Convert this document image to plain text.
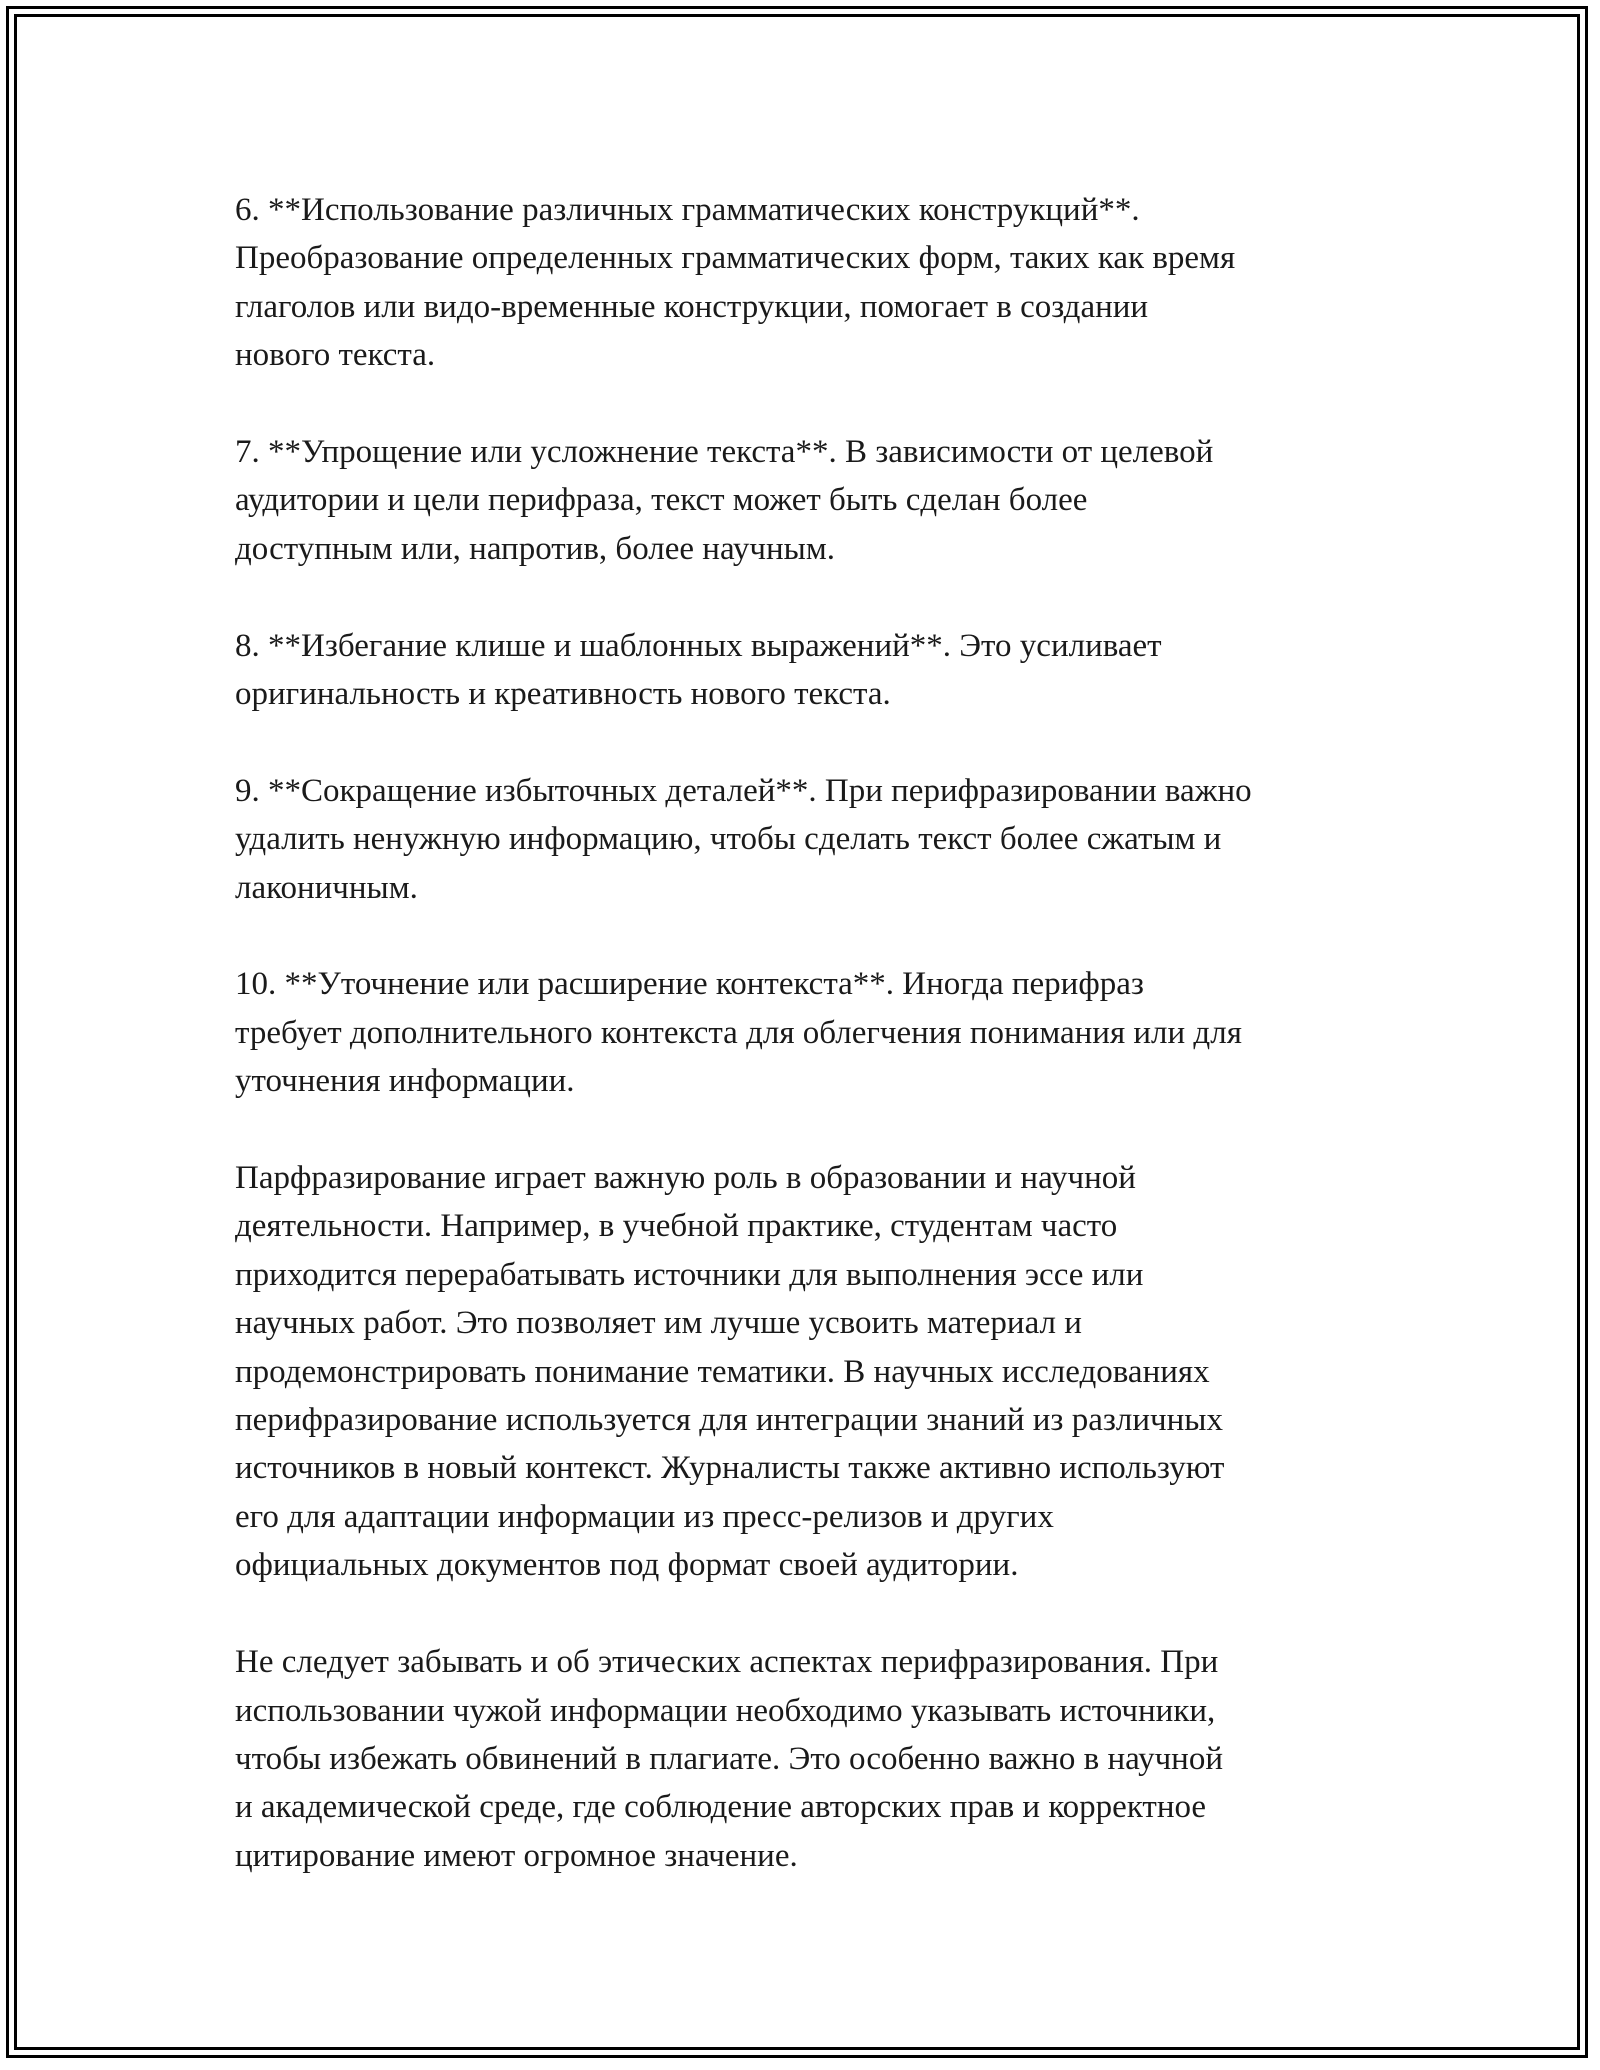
6. **Использование различных грамматических конструкций**.
Преобразование определенных грамматических форм, таких как время
глаголов или видо-временные конструкции, помогает в создании
нового текста.

7. **Упрощение или усложнение текста**. В зависимости от целевой
аудитории и цели перифраза, текст может быть сделан более
доступным или, напротив, более научным.

8. **Избегание клише и шаблонных выражений**. Это усиливает
оригинальность и креативность нового текста.

9. **Сокращение избыточных деталей**. При перифразировании важно
удалить ненужную информацию, чтобы сделать текст более сжатым и
лаконичным.

10. **Уточнение или расширение контекста**. Иногда перифраз
требует дополнительного контекста для облегчения понимания или для
уточнения информации.

Парфразирование играет важную роль в образовании и научной
деятельности. Например, в учебной практике, студентам часто
приходится перерабатывать источники для выполнения эссе или
научных работ. Это позволяет им лучше усвоить материал и
продемонстрировать понимание тематики. В научных исследованиях
перифразирование используется для интеграции знаний из различных
источников в новый контекст. Журналисты также активно используют
его для адаптации информации из пресс-релизов и других
официальных документов под формат своей аудитории.

Не следует забывать и об этических аспектах перифразирования. При
использовании чужой информации необходимо указывать источники,
чтобы избежать обвинений в плагиате. Это особенно важно в научной
и академической среде, где соблюдение авторских прав и корректное
цитирование имеют огромное значение.
